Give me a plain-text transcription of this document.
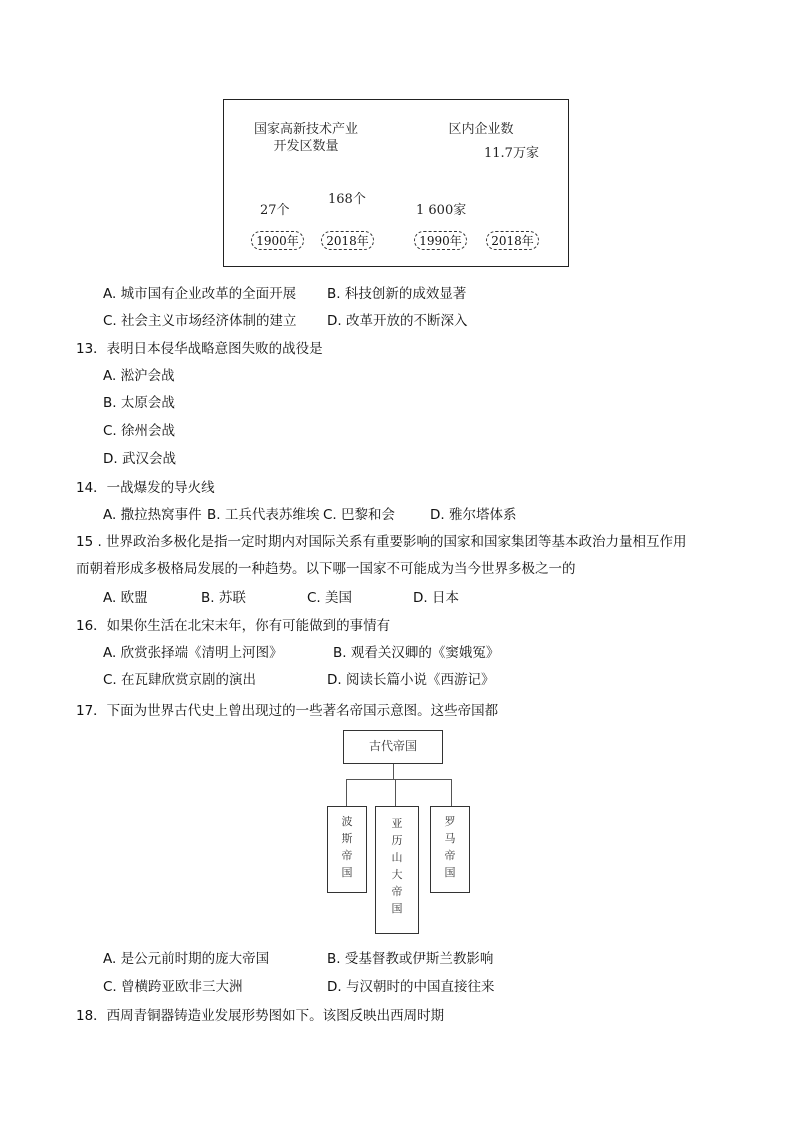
国家高新技术产业
开发区数量
区内企业数
11.7万家
168个
27个	1 600家
1900年	2018年	1990年	2018年
A. 城市国有企业改革的全面开展 B. 科技创新的成效显著
C. 社会主义市场经济体制的建立 D. 改革开放的不断深入
13．表明日本侵华战略意图失败的战役是
A. 淞沪会战
B. 太原会战
C. 徐州会战
D. 武汉会战
14．一战爆发的导火线
A. 撒拉热窝事件 B. 工兵代表苏维埃 C. 巴黎和会	D. 雅尔塔体系
15 . 世界政治多极化是指一定时期内对国际关系有重要影响的国家和国家集团等基本政治力量相互作用
而朝着形成多极格局发展的一种趋势。以下哪一国家不可能成为当今世界多极之一的
A. 欧盟	B. 苏联	C. 美国	D. 日本
16．如果你生活在北宋末年，你有可能做到的事情有
A. 欣赏张择端《清明上河图》	B. 观看关汉卿的《窦娥冤》
C. 在瓦肆欣赏京剧的演出	D. 阅读长篇小说《西游记》
17．下面为世界古代史上曾出现过的一些著名帝国示意图。这些帝国都
古代帝国
波
斯
帝
国
亚
历
山
大
帝
国
罗
马
帝
国
A. 是公元前时期的庞大帝国	B. 受基督教或伊斯兰教影响
C. 曾横跨亚欧非三大洲	D. 与汉朝时的中国直接往来
18．西周青铜器铸造业发展形势图如下。该图反映出西周时期
